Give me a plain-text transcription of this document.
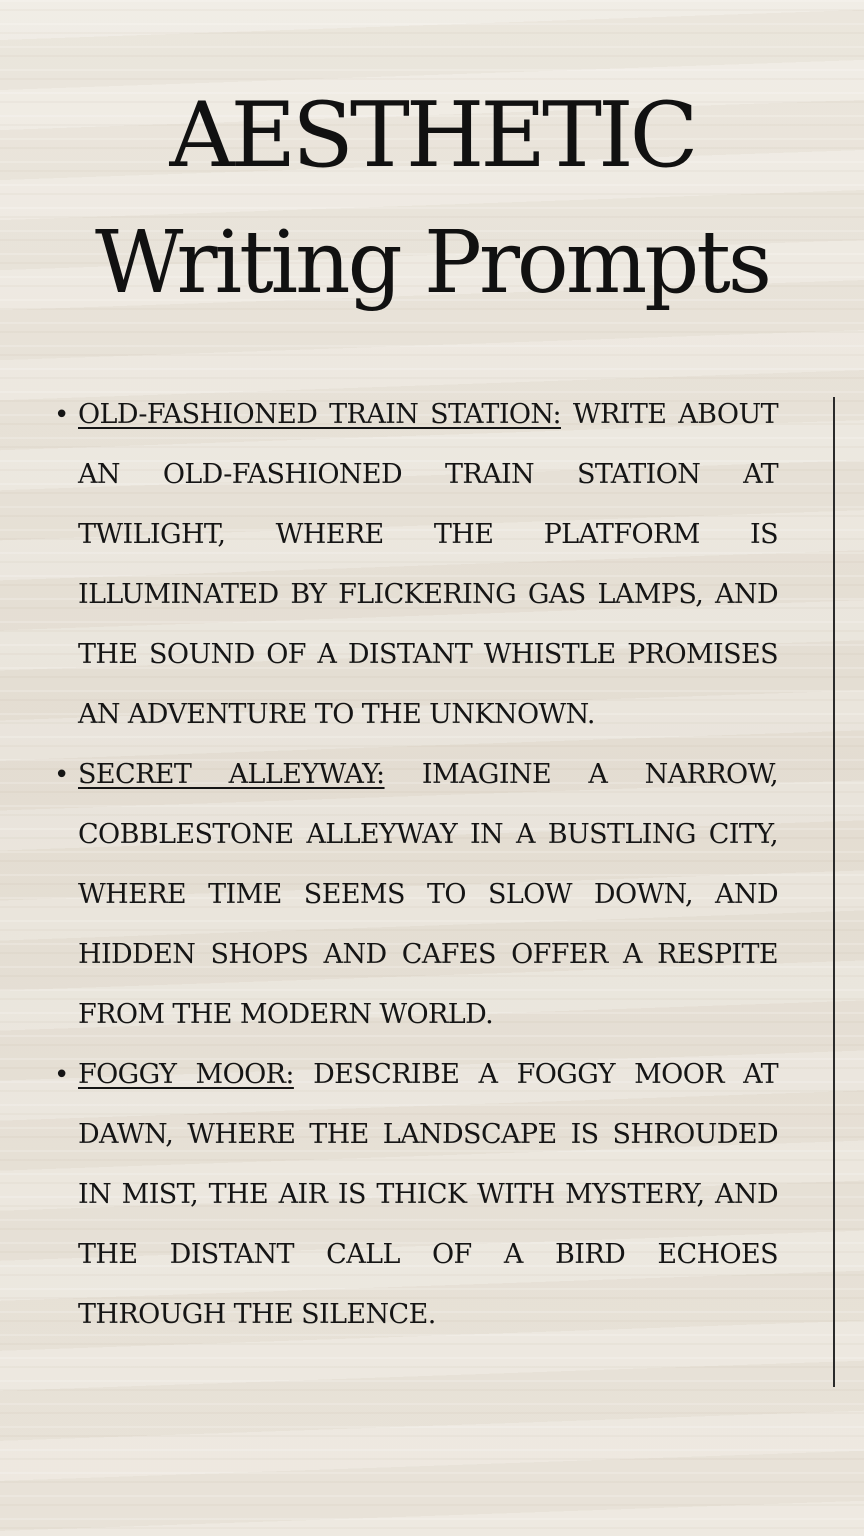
AESTHETIC
Writing Prompts
• OLD-FASHIONED TRAIN STATION: WRITE ABOUT AN OLD-FASHIONED TRAIN STATION AT TWILIGHT, WHERE THE PLATFORM IS ILLUMINATED BY FLICKERING GAS LAMPS, AND THE SOUND OF A DISTANT WHISTLE PROMISES AN ADVENTURE TO THE UNKNOWN.
• SECRET ALLEYWAY: IMAGINE A NARROW, COBBLESTONE ALLEYWAY IN A BUSTLING CITY, WHERE TIME SEEMS TO SLOW DOWN, AND HIDDEN SHOPS AND CAFES OFFER A RESPITE FROM THE MODERN WORLD.
• FOGGY MOOR: DESCRIBE A FOGGY MOOR AT DAWN, WHERE THE LANDSCAPE IS SHROUDED IN MIST, THE AIR IS THICK WITH MYSTERY, AND THE DISTANT CALL OF A BIRD ECHOES THROUGH THE SILENCE.
